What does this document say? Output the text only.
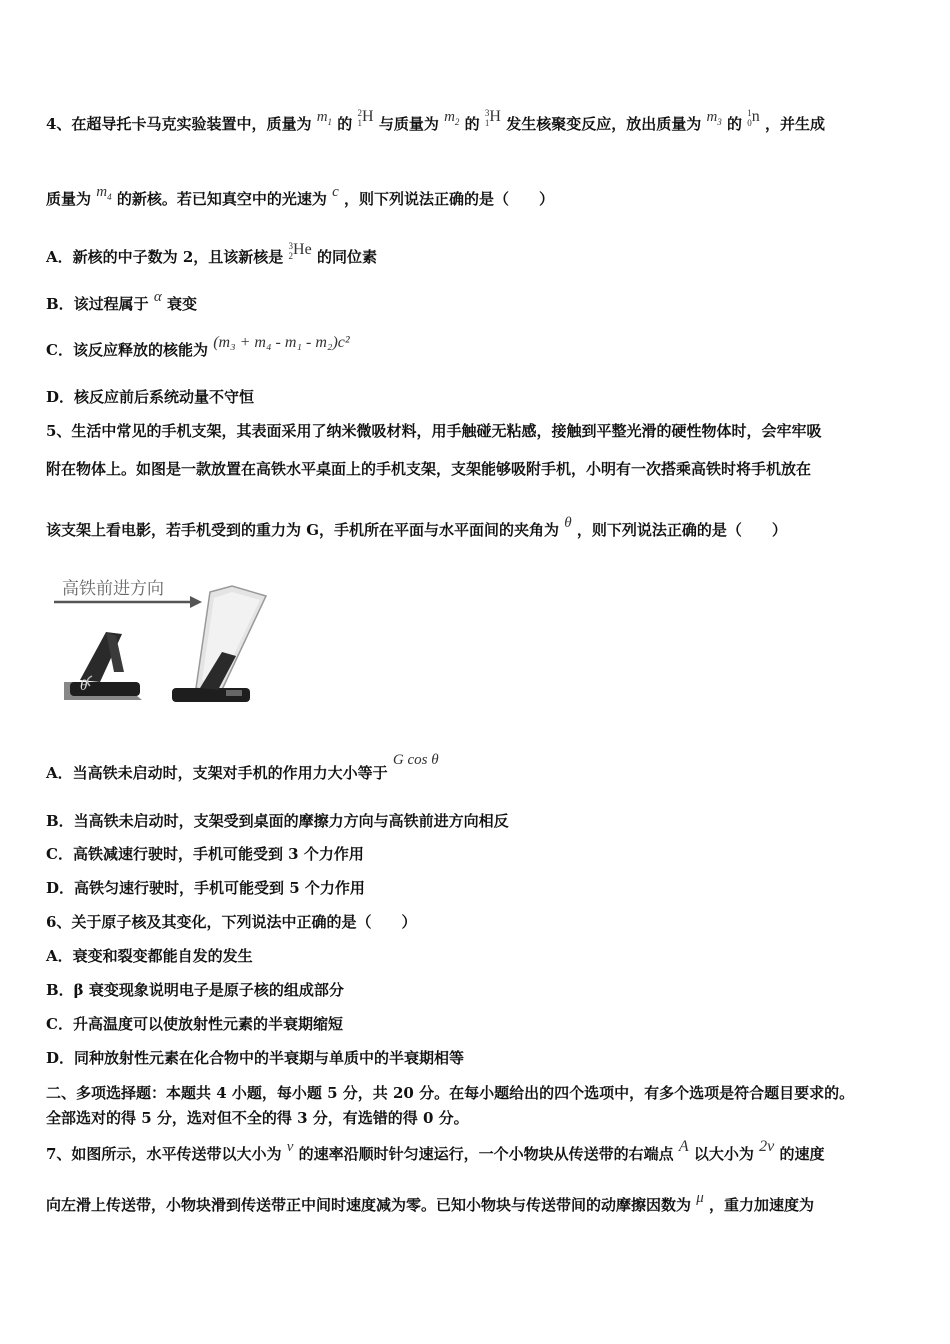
4、在超导托卡马克实验装置中，质量为 $m_1$ 的 2
1H 与质量为 $m_2$ 的 3
1H 发生核聚变反应，放出质量为 $m_3$ 的 1
0n ，并生成
质量为 $m_4$ 的新核。若已知真空中的光速为 c ，则下列说法正确的是（　　）
A．新核的中子数为 2，且该新核是 3
2He 的同位素
B．该过程属于 α 衰变
C．该反应释放的核能为 (m₃ + m₄ - m₁ - m₂)c²
D．核反应前后系统动量不守恒
5、生活中常见的手机支架，其表面采用了纳米微吸材料，用手触碰无粘感，接触到平整光滑的硬性物体时，会牢牢吸
附在物体上。如图是一款放置在高铁水平桌面上的手机支架，支架能够吸附手机，小明有一次搭乘高铁时将手机放在
该支架上看电影，若手机受到的重力为 G，手机所在平面与水平面间的夹角为 θ ，则下列说法正确的是（　　）
高铁前进方向
θ
A．当高铁未启动时，支架对手机的作用力大小等于 G cos θ
B．当高铁未启动时，支架受到桌面的摩擦力方向与高铁前进方向相反
C．高铁减速行驶时，手机可能受到 3 个力作用
D．高铁匀速行驶时，手机可能受到 5 个力作用
6、关于原子核及其变化，下列说法中正确的是（　　）
A．衰变和裂变都能自发的发生
B．β 衰变现象说明电子是原子核的组成部分
C．升高温度可以使放射性元素的半衰期缩短
D．同种放射性元素在化合物中的半衰期与单质中的半衰期相等
二、多项选择题：本题共 4 小题，每小题 5 分，共 20 分。在每小题给出的四个选项中，有多个选项是符合题目要求的。
全部选对的得 5 分，选对但不全的得 3 分，有选错的得 0 分。
7、如图所示，水平传送带以大小为 v 的速率沿顺时针匀速运行，一个小物块从传送带的右端点 A 以大小为 2v 的速度
向左滑上传送带，小物块滑到传送带正中间时速度减为零。已知小物块与传送带间的动摩擦因数为 μ ，重力加速度为
